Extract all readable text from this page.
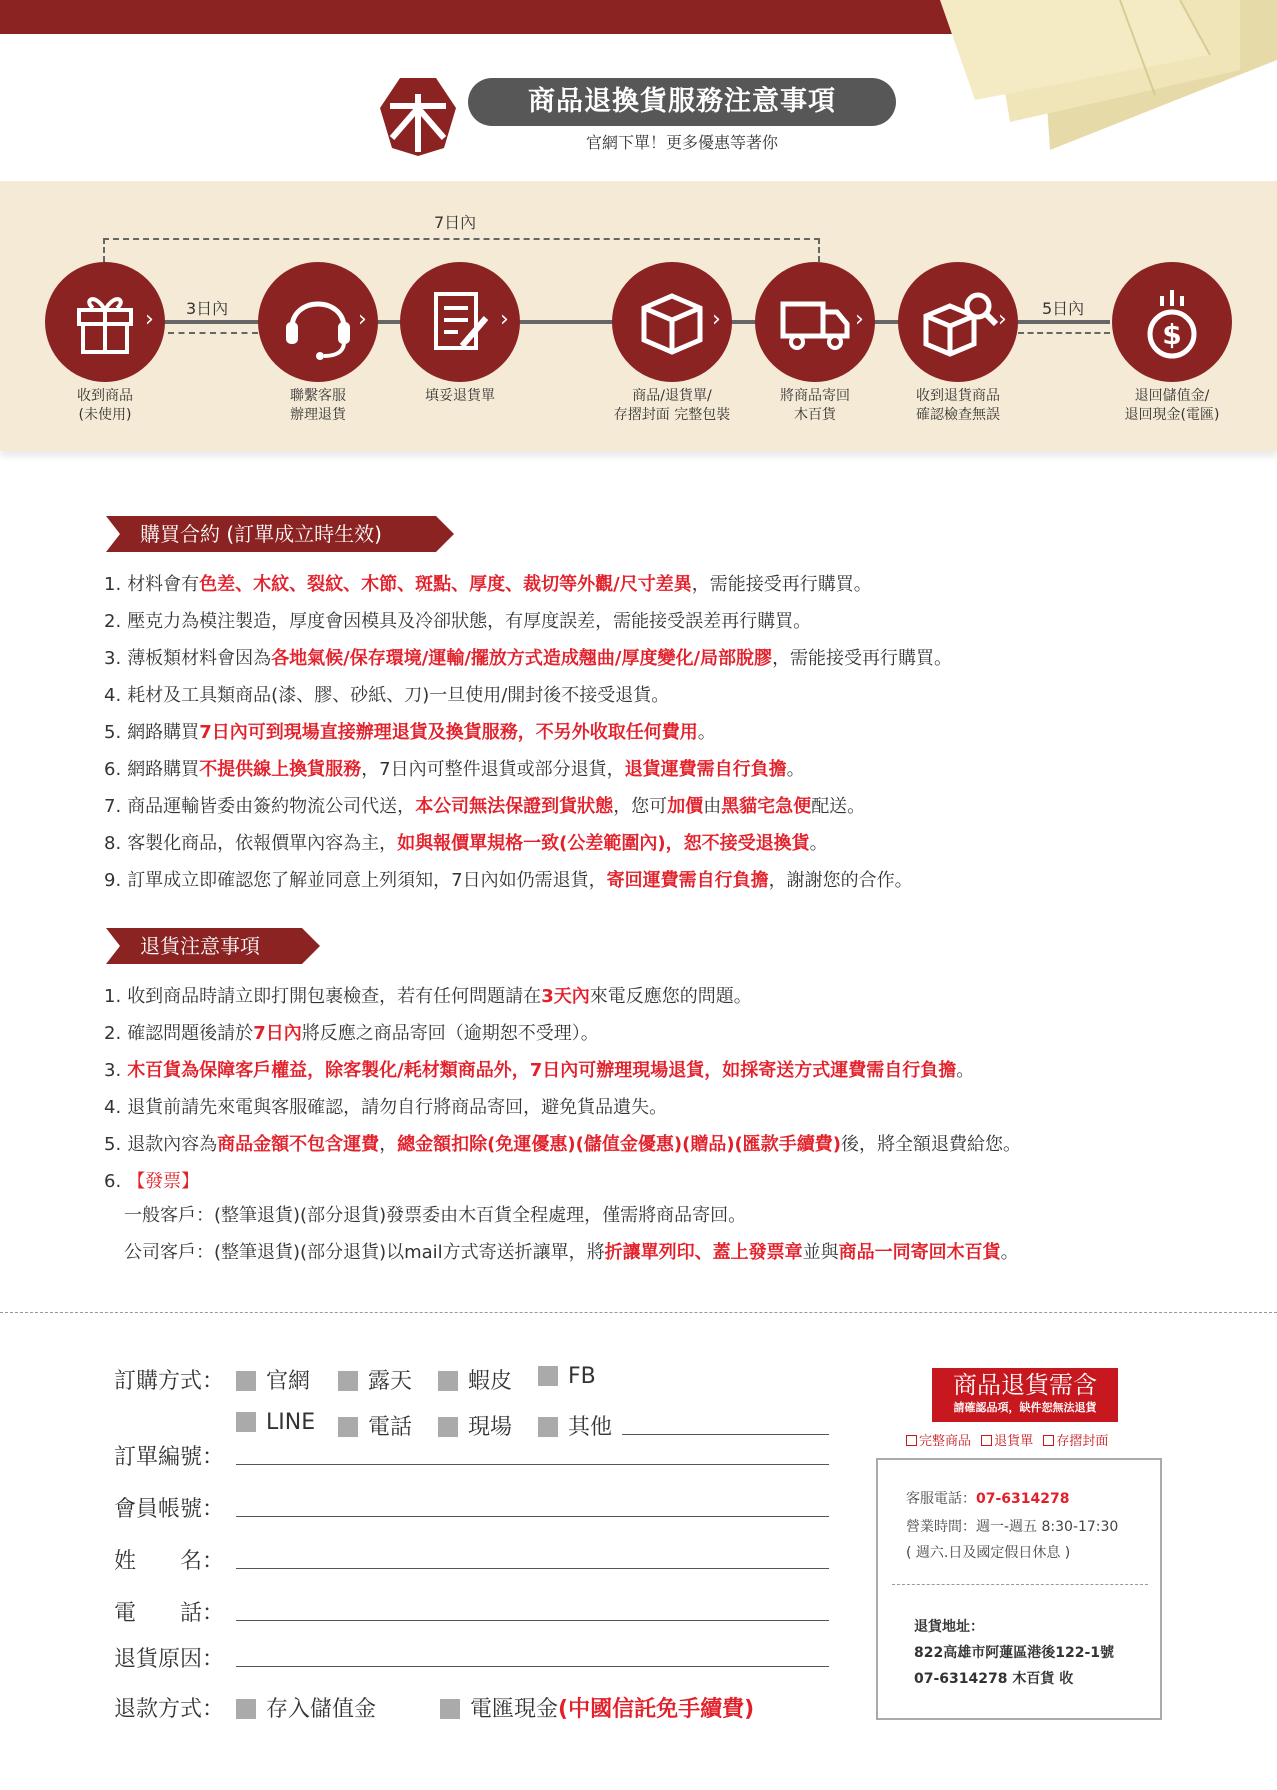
商品退換貨服務注意事項
官網下單！更多優惠等著你
7日內
3日內	5日內
›	›	›	›	›	›	$
收到商品
(未使用)
聯繫客服
辦理退貨
填妥退貨單	商品/退貨單/
存摺封面 完整包裝
將商品寄回
木百貨
收到退貨商品
確認檢查無誤
退回儲值金/
退回現金(電匯)
購買合約 (訂單成立時生效)
1. 材料會有色差、木紋、裂紋、木節、斑點、厚度、裁切等外觀/尺寸差異，需能接受再行購買。
2. 壓克力為模注製造，厚度會因模具及冷卻狀態，有厚度誤差，需能接受誤差再行購買。
3. 薄板類材料會因為各地氣候/保存環境/運輸/擺放方式造成翹曲/厚度變化/局部脫膠，需能接受再行購買。
4. 耗材及工具類商品(漆、膠、砂紙、刀)一旦使用/開封後不接受退貨。
5. 網路購買7日內可到現場直接辦理退貨及換貨服務，不另外收取任何費用。
6. 網路購買不提供線上換貨服務，7日內可整件退貨或部分退貨，退貨運費需自行負擔。
7. 商品運輸皆委由簽約物流公司代送，本公司無法保證到貨狀態，您可加價由黑貓宅急便配送。
8. 客製化商品，依報價單內容為主，如與報價單規格一致(公差範圍內)，恕不接受退換貨。
9. 訂單成立即確認您了解並同意上列須知，7日內如仍需退貨，寄回運費需自行負擔，謝謝您的合作。
退貨注意事項
1. 收到商品時請立即打開包裹檢查，若有任何問題請在3天內來電反應您的問題。
2. 確認問題後請於7日內將反應之商品寄回（逾期恕不受理）。
3. 木百貨為保障客戶權益，除客製化/耗材類商品外，7日內可辦理現場退貨，如採寄送方式運費需自行負擔。
4. 退貨前請先來電與客服確認，請勿自行將商品寄回，避免貨品遺失。
5. 退款內容為商品金額不包含運費，總金額扣除(免運優惠)(儲值金優惠)(贈品)(匯款手續費)後，將全額退費給您。
6. 【發票】
一般客戶：(整筆退貨)(部分退貨)發票委由木百貨全程處理，僅需將商品寄回。
公司客戶：(整筆退貨)(部分退貨)以mail方式寄送折讓單，將折讓單列印、蓋上發票章並與商品一同寄回木百貨。
訂購方式：	官網	露天	蝦皮	FB
LINE	電話	現場	其他
訂單編號：
會員帳號：
姓　　名：
電　　話：
退貨原因：
退款方式：	存入儲值金	電匯現金(中國信託免手續費)
商品退貨需含
請確認品項，缺件恕無法退貨
完整商品 退貨單 存摺封面
客服電話：07-6314278
營業時間：週一-週五 8:30-17:30
( 週六.日及國定假日休息 )
退貨地址：
822高雄市阿蓮區港後122-1號
07-6314278 木百貨 收
